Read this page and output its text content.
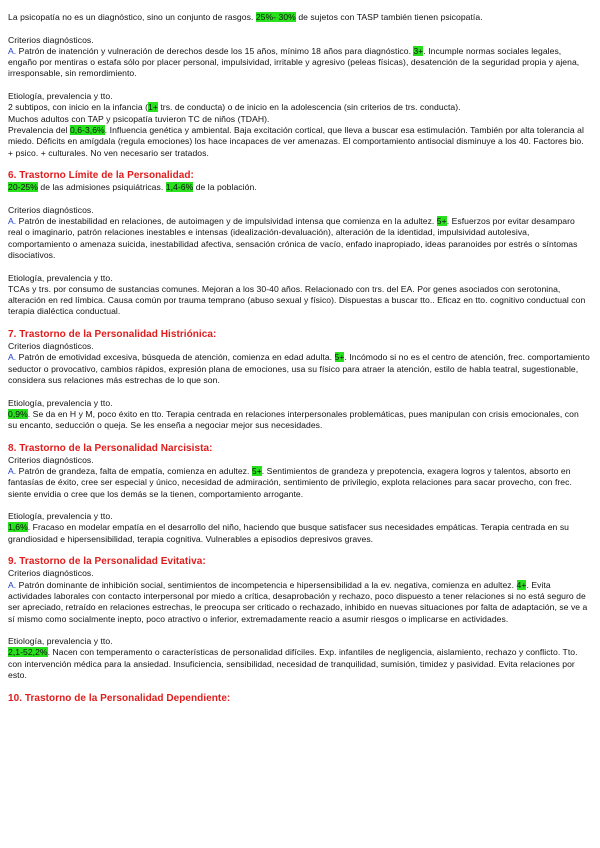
La psicopatía no es un diagnóstico, sino un conjunto de rasgos. 25%- 30% de sujetos con TASP también tienen psicopatía.
Criterios diagnósticos.
A. Patrón de inatención y vulneración de derechos desde los 15 años, mínimo 18 años para diagnóstico. 3+. Incumple normas sociales legales, engaño por mentiras o estafa sólo por placer personal, impulsividad, irritable y agresivo (peleas físicas), desatención de la seguridad propia y ajena, irresponsable, sin remordimiento.
Etiología, prevalencia y tto.
2 subtipos, con inicio en la infancia (1+ trs. de conducta) o de inicio en la adolescencia (sin criterios de trs. conducta).
Muchos adultos con TAP y psicopatía tuvieron TC de niños (TDAH).
Prevalencia del 0,6-3,6%. Influencia genética y ambiental. Baja excitación cortical, que lleva a buscar esa estimulación. También por alta tolerancia al miedo. Déficits en amígdala (regula emociones) los hace incapaces de ver amenazas. El comportamiento antisocial disminuye a los 40. Factores bio. + psico. + culturales. No ven necesario ser tratados.
6. Trastorno Límite de la Personalidad:
20-25% de las admisiones psiquiátricas. 1,4-6% de la población.
Criterios diagnósticos.
A. Patrón de inestabilidad en relaciones, de autoimagen y de impulsividad intensa que comienza en la adultez. 5+. Esfuerzos por evitar desamparo real o imaginario, patrón relaciones inestables e intensas (idealización-devaluación), alteración de la identidad, impulsividad autolesiva, comportamiento o amenaza suicida, inestabilidad afectiva, sensación crónica de vacío, enfado inapropiado, ideas paranoides por estrés o síntomas disociativos.
Etiología, prevalencia y tto.
TCAs y trs. por consumo de sustancias comunes. Mejoran a los 30-40 años. Relacionado con trs. del EA. Por genes asociados con serotonina, alteración en red límbica. Causa común por trauma temprano (abuso sexual y físico). Dispuestas a buscar tto.. Eficaz en tto. cognitivo conductual con terapia dialéctica conductual.
7. Trastorno de la Personalidad Histriónica:
Criterios diagnósticos.
A. Patrón de emotividad excesiva, búsqueda de atención, comienza en edad adulta. 5+. Incómodo si no es el centro de atención, frec. comportamiento seductor o provocativo, cambios rápidos, expresión plana de emociones, usa su físico para atraer la atención, estilo de habla teatral, sugestionable, considera sus relaciones más estrechas de lo que son.
Etiología, prevalencia y tto.
0,9%. Se da en H y M, poco éxito en tto. Terapia centrada en relaciones interpersonales problemáticas, pues manipulan con crisis emocionales, con su encanto, seducción o queja. Se les enseña a negociar mejor sus necesidades.
8. Trastorno de la Personalidad Narcisista:
Criterios diagnósticos.
A. Patrón de grandeza, falta de empatía, comienza en adultez. 5+. Sentimientos de grandeza y prepotencia, exagera logros y talentos, absorto en fantasías de éxito, cree ser especial y único, necesidad de admiración, sentimiento de privilegio, explota relaciones para sacar provecho, con frec. siente envidia o cree que los demás se la tienen, comportamiento arrogante.
Etiología, prevalencia y tto.
1,6%. Fracaso en modelar empatía en el desarrollo del niño, haciendo que busque satisfacer sus necesidades empáticas. Terapia centrada en su grandiosidad e hipersensibilidad, terapia cognitiva. Vulnerables a episodios depresivos graves.
9. Trastorno de la Personalidad Evitativa:
Criterios diagnósticos.
A. Patrón dominante de inhibición social, sentimientos de incompetencia e hipersensibilidad a la ev. negativa, comienza en adultez. 4+. Evita actividades laborales con contacto interpersonal por miedo a crítica, desaprobación y rechazo, poco dispuesto a tener relaciones si no está seguro de ser apreciado, retraído en relaciones estrechas, le preocupa ser criticado o rechazado, inhibido en nuevas situaciones por falta de adaptación, se ve a sí mismo como socialmente inepto, poco atractivo o inferior, extremadamente reacio a asumir riesgos o implicarse en actividades.
Etiología, prevalencia y tto.
2,1-52,2%. Nacen con temperamento o características de personalidad difíciles. Exp. infantiles de negligencia, aislamiento, rechazo y conflicto. Tto. con intervención médica para la ansiedad. Insuficiencia, sensibilidad, necesidad de tranquilidad, sumisión, timidez y pasividad. Evita relaciones por esto.
10. Trastorno de la Personalidad Dependiente:
